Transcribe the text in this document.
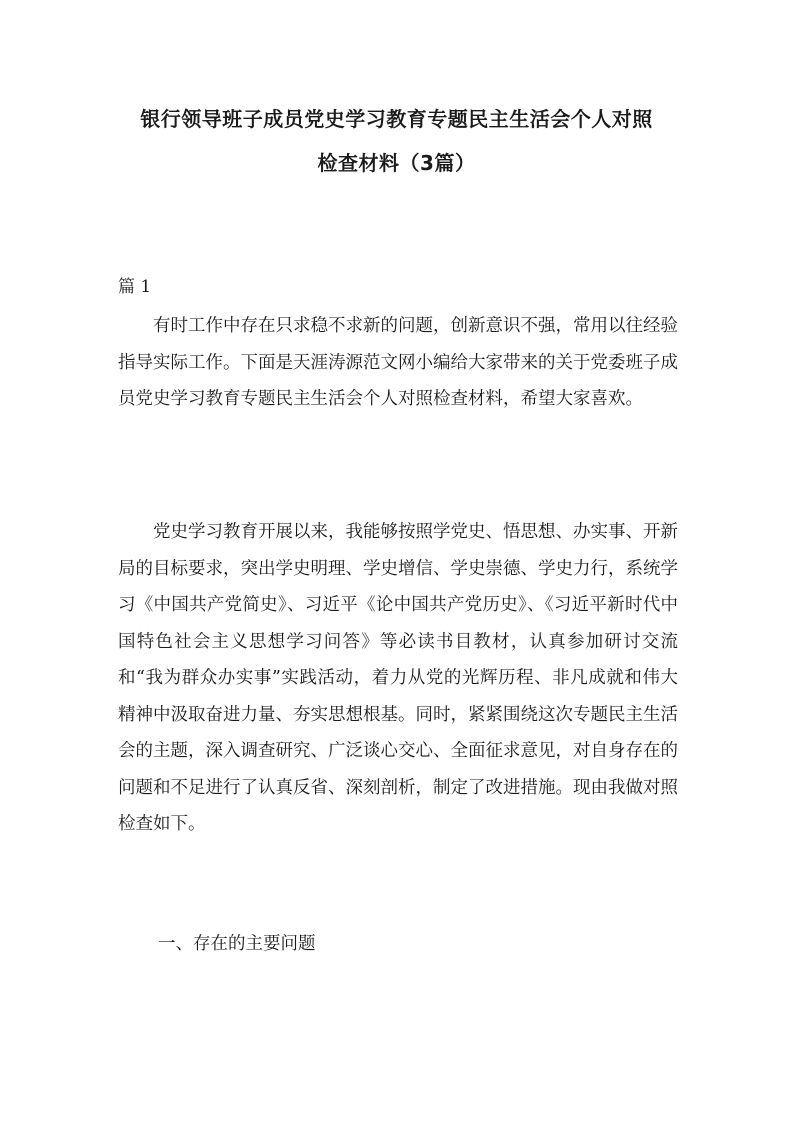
银行领导班子成员党史学习教育专题民主生活会个人对照
检查材料（3篇）

篇 1

有时工作中存在只求稳不求新的问题，创新意识不强，常用以往经验指导实际工作。下面是天涯涛源范文网小编给大家带来的关于党委班子成员党史学习教育专题民主生活会个人对照检查材料，希望大家喜欢。

党史学习教育开展以来，我能够按照学党史、悟思想、办实事、开新局的目标要求，突出学史明理、学史增信、学史崇德、学史力行，系统学习《中国共产党简史》、习近平《论中国共产党历史》、《习近平新时代中国特色社会主义思想学习问答》等必读书目教材，认真参加研讨交流和“我为群众办实事”实践活动，着力从党的光辉历程、非凡成就和伟大精神中汲取奋进力量、夯实思想根基。同时，紧紧围绕这次专题民主生活会的主题，深入调查研究、广泛谈心交心、全面征求意见，对自身存在的问题和不足进行了认真反省、深刻剖析，制定了改进措施。现由我做对照检查如下。

一、存在的主要问题
